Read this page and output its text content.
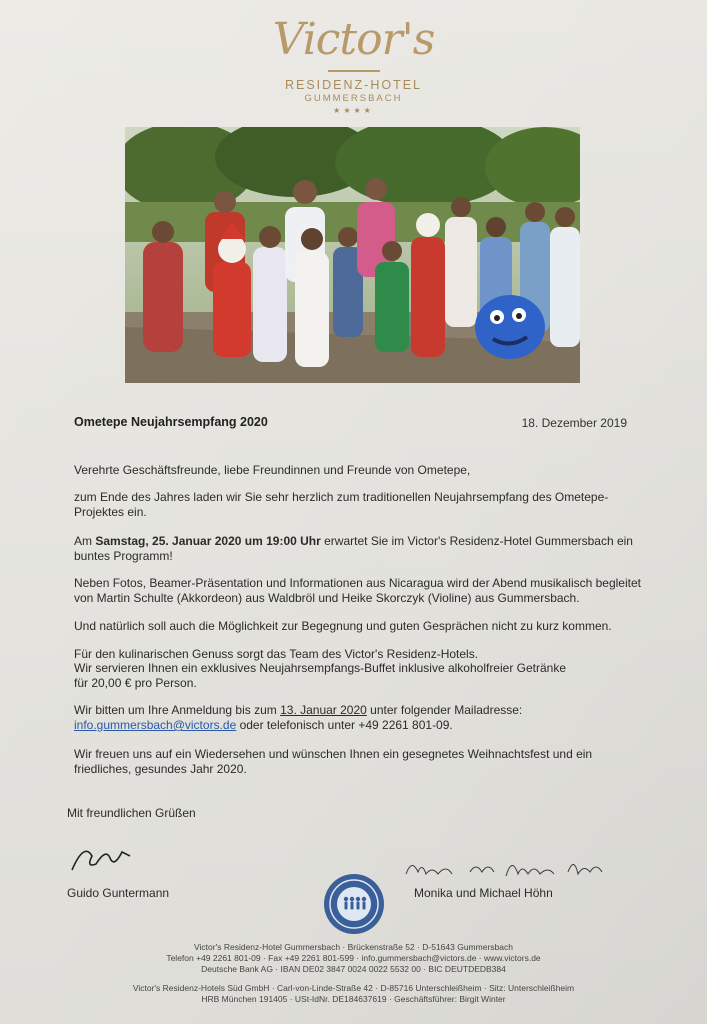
Victor's
RESIDENZ-HOTEL
GUMMERSBACH
★★★★
Ometepe Neujahrsempfang 2020	18. Dezember 2019
Verehrte Geschäftsfreunde, liebe Freundinnen und Freunde von Ometepe,
zum Ende des Jahres laden wir Sie sehr herzlich zum traditionellen Neujahrsempfang des Ometepe-Projektes ein.
Am Samstag, 25. Januar 2020 um 19:00 Uhr erwartet Sie im Victor's Residenz-Hotel Gummersbach ein buntes Programm!
Neben Fotos, Beamer-Präsentation und Informationen aus Nicaragua wird der Abend musikalisch begleitet von Martin Schulte (Akkordeon) aus Waldbröl und Heike Skorczyk (Violine) aus Gummersbach.
Und natürlich soll auch die Möglichkeit zur Begegnung und guten Gesprächen nicht zu kurz kommen.
Für den kulinarischen Genuss sorgt das Team des Victor's Residenz-Hotels.
Wir servieren Ihnen ein exklusives Neujahrsempfangs-Buffet inklusive alkoholfreier Getränke
für 20,00 € pro Person.
Wir bitten um Ihre Anmeldung bis zum 13. Januar 2020 unter folgender Mailadresse:
info.gummersbach@victors.de oder telefonisch unter +49 2261 801-09.
Wir freuen uns auf ein Wiedersehen und wünschen Ihnen ein gesegnetes Weihnachtsfest und ein friedliches, gesundes Jahr 2020.
Mit freundlichen Grüßen
Guido Guntermann	Monika und Michael Höhn
Victor's Residenz-Hotel Gummersbach · Brückenstraße 52 · D-51643 Gummersbach
Telefon +49 2261 801-09 · Fax +49 2261 801-599 · info.gummersbach@victors.de · www.victors.de
Deutsche Bank AG · IBAN DE02 3847 0024 0022 5532 00 · BIC DEUTDEDB384
Victor's Residenz-Hotels Süd GmbH · Carl-von-Linde-Straße 42 · D-85716 Unterschleißheim · Sitz: Unterschleißheim
HRB München 191405 · USt-IdNr. DE184637619 · Geschäftsführer: Birgit Winter
